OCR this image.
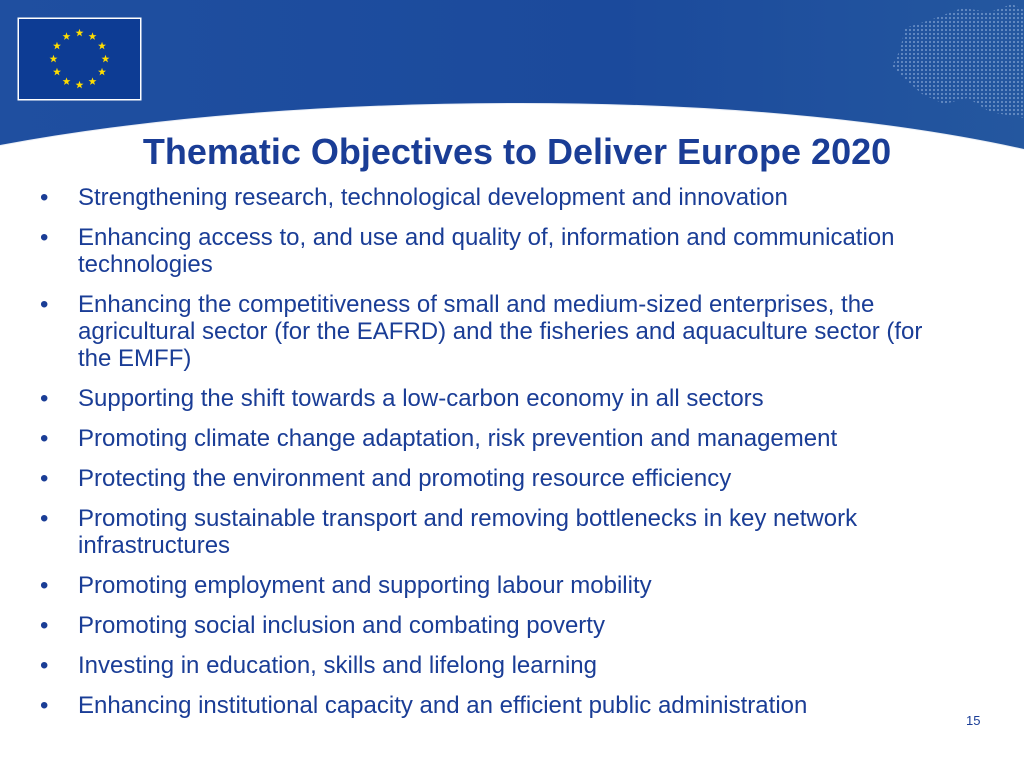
Thematic Objectives to Deliver Europe 2020
• Strengthening research, technological development and innovation
• Enhancing access to, and use and quality of, information and communication technologies
• Enhancing the competitiveness of small and medium-sized enterprises, the agricultural sector (for the EAFRD) and the fisheries and aquaculture sector (for the EMFF)
• Supporting the shift towards a low-carbon economy in all sectors
• Promoting climate change adaptation, risk prevention and management
• Protecting the environment and promoting resource efficiency
• Promoting sustainable transport and removing bottlenecks in key network infrastructures
• Promoting employment and supporting labour mobility
• Promoting social inclusion and combating poverty
• Investing in education, skills and lifelong learning
• Enhancing institutional capacity and an efficient public administration
15
